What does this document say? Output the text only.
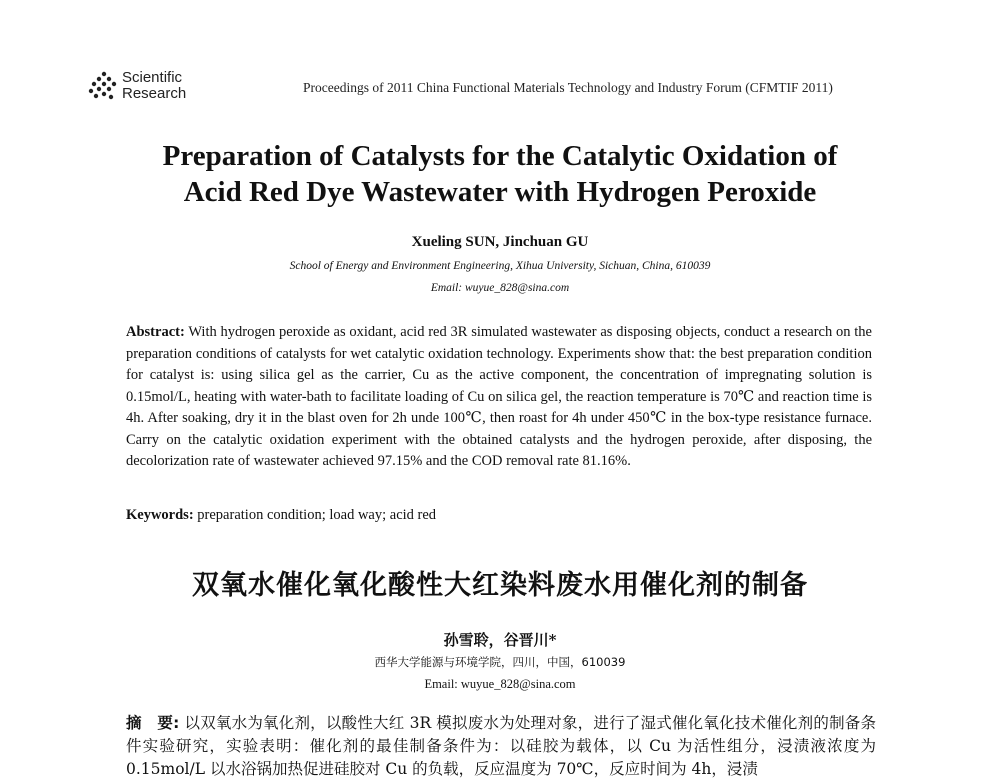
Scientific
Research	Proceedings of 2011 China Functional Materials Technology and Industry Forum (CFMTIF 2011)
Preparation of Catalysts for the Catalytic Oxidation of
Acid Red Dye Wastewater with Hydrogen Peroxide
Xueling SUN, Jinchuan GU
School of Energy and Environment Engineering, Xihua University, Sichuan, China, 610039
Email: wuyue_828@sina.com
Abstract: With hydrogen peroxide as oxidant, acid red 3R simulated wastewater as disposing objects, conduct a research on the preparation conditions of catalysts for wet catalytic oxidation technology. Experiments show that: the best preparation condition for catalyst is: using silica gel as the carrier, Cu as the active component, the concentration of impregnating solution is 0.15mol/L, heating with water-bath to facilitate loading of Cu on silica gel, the reaction temperature is 70℃ and reaction time is 4h. After soaking, dry it in the blast oven for 2h unde 100℃, then roast for 4h under 450℃ in the box-type resistance furnace. Carry on the catalytic oxidation experiment with the obtained catalysts and the hydrogen peroxide, after disposing, the decolorization rate of wastewater achieved 97.15% and the COD removal rate 81.16%.
Keywords: preparation condition; load way; acid red
双氧水催化氧化酸性大红染料废水用催化剂的制备
孙雪聆，谷晋川*
西华大学能源与环境学院，四川，中国，610039
Email: wuyue_828@sina.com
摘　要: 以双氧水为氧化剂，以酸性大红 3R 模拟废水为处理对象，进行了湿式催化氧化技术催化剂的制备条件实验研究，实验表明：催化剂的最佳制备条件为：以硅胶为载体，以 Cu 为活性组分，浸渍液浓度为 0.15mol/L 以水浴锅加热促进硅胶对 Cu 的负载，反应温度为 70℃，反应时间为 4h，浸渍
